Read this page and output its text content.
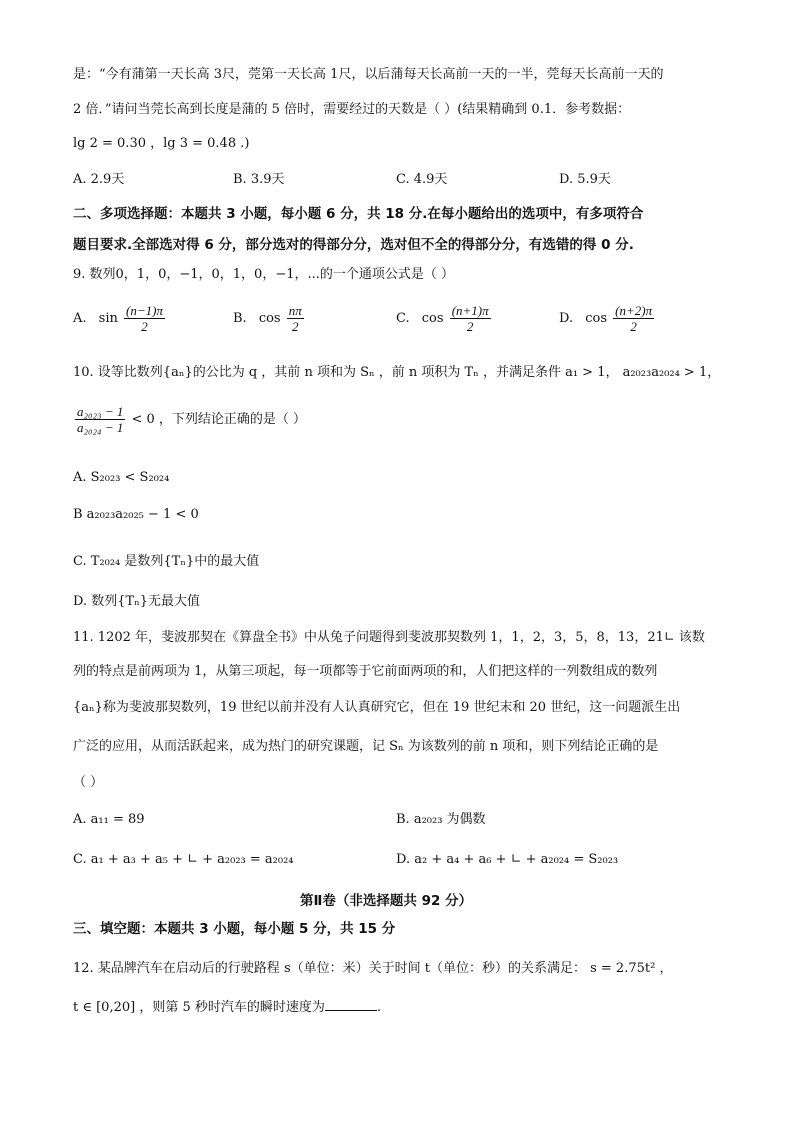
是：“今有蒲第一天长高 3尺，莞第一天长高 1尺，以后蒲每天长高前一天的一半，莞每天长高前一天的
2 倍．”请问当莞长高到长度是蒲的 5 倍时，需要经过的天数是（ ）(结果精确到 0.1．参考数据：
lg 2 = 0.30 ，lg 3 = 0.48 .)
A. 2.9天	B. 3.9天	C. 4.9天	D. 5.9天
二、多项选择题：本题共 3 小题，每小题 6 分，共 18 分.在每小题给出的选项中，有多项符合
题目要求.全部选对得 6 分，部分选对的得部分分，选对但不全的得部分分，有选错的得 0 分.
9. 数列0，1，0，−1，0，1，0，−1，...的一个通项公式是（ ）
A. $\sin \frac{(n-1)\pi}{2}$	B. $\cos \frac{n\pi}{2}$	C. $\cos \frac{(n+1)\pi}{2}$	D. $\cos \frac{(n+2)\pi}{2}$
10. 设等比数列{aₙ}的公比为 q ，其前 n 项和为 Sₙ ，前 n 项积为 Tₙ ，并满足条件 a₁ > 1， a₂₀₂₃a₂₀₂₄ > 1，
$\frac{\text{a₂₀₂₃ − 1}}{\text{a₂₀₂₄ − 1}} < 0$ ，下列结论正确的是（ ）
A. S₂₀₂₃ < S₂₀₂₄
B a₂₀₂₃a₂₀₂₅ − 1 < 0
C. T₂₀₂₄ 是数列{Tₙ}中的最大值
D. 数列{Tₙ}无最大值
11. 1202 年，斐波那契在《算盘全书》中从兔子问题得到斐波那契数列 1，1，2，3，5，8，13，21∟ 该数
列的特点是前两项为 1，从第三项起，每一项都等于它前面两项的和，人们把这样的一列数组成的数列
{aₙ}称为斐波那契数列，19 世纪以前并没有人认真研究它，但在 19 世纪末和 20 世纪，这一问题派生出
广泛的应用，从而活跃起来，成为热门的研究课题，记 Sₙ 为该数列的前 n 项和，则下列结论正确的是
（ ）
A. a₁₁ = 89	B. a₂₀₂₃ 为偶数
C. a₁ + a₃ + a₅ + ∟ + a₂₀₂₃ = a₂₀₂₄	D. a₂ + a₄ + a₆ + ∟ + a₂₀₂₄ = S₂₀₂₃
第Ⅱ卷（非选择题共 92 分）
三、填空题：本题共 3 小题，每小题 5 分，共 15 分
12. 某品牌汽车在启动后的行驶路程 s（单位：米）关于时间 t（单位：秒）的关系满足： s = 2.75t² ，
t ∈ [0,20] ，则第 5 秒时汽车的瞬时速度为	.
